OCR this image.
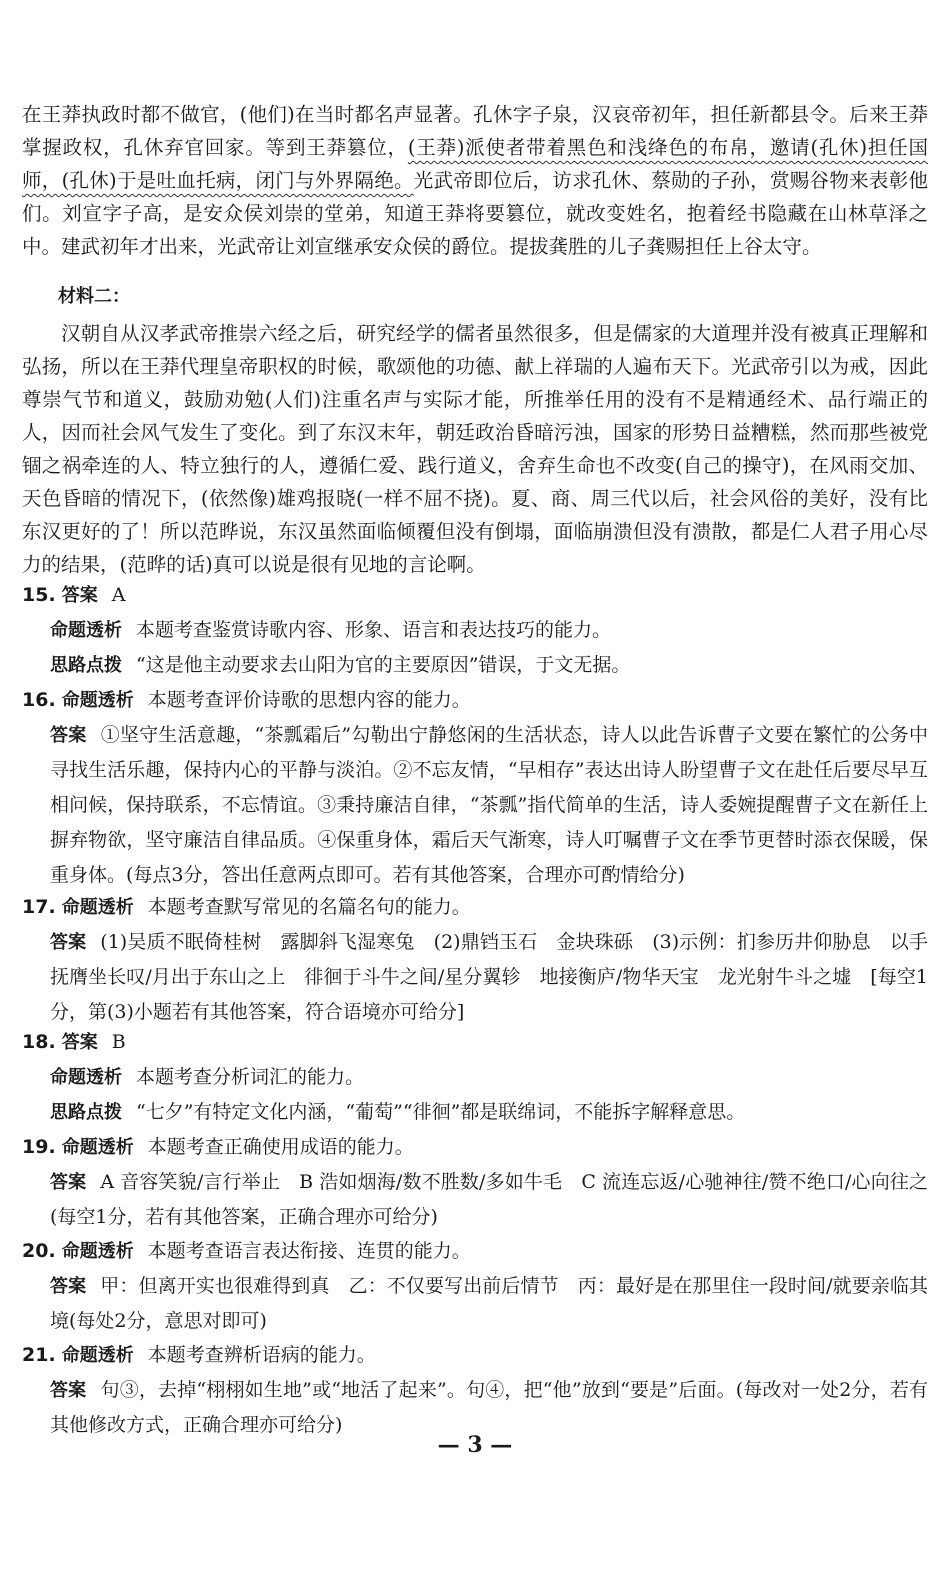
在王莽执政时都不做官，(他们)在当时都名声显著。孔休字子泉，汉哀帝初年，担任新都县令。后来王莽掌握政权，孔休弃官回家。等到王莽篡位，(王莽)派使者带着黑色和浅绛色的布帛，邀请(孔休)担任国师，(孔休)于是吐血托病，闭门与外界隔绝。光武帝即位后，访求孔休、蔡勋的子孙，赏赐谷物来表彰他们。刘宣字子高，是安众侯刘崇的堂弟，知道王莽将要篡位，就改变姓名，抱着经书隐藏在山林草泽之中。建武初年才出来，光武帝让刘宣继承安众侯的爵位。提拔龚胜的儿子龚赐担任上谷太守。

材料二：

汉朝自从汉孝武帝推崇六经之后，研究经学的儒者虽然很多，但是儒家的大道理并没有被真正理解和弘扬，所以在王莽代理皇帝职权的时候，歌颂他的功德、献上祥瑞的人遍布天下。光武帝引以为戒，因此尊崇气节和道义，鼓励劝勉(人们)注重名声与实际才能，所推举任用的没有不是精通经术、品行端正的人，因而社会风气发生了变化。到了东汉末年，朝廷政治昏暗污浊，国家的形势日益糟糕，然而那些被党锢之祸牵连的人、特立独行的人，遵循仁爱、践行道义，舍弃生命也不改变(自己的操守)，在风雨交加、天色昏暗的情况下，(依然像)雄鸡报晓(一样不屈不挠)。夏、商、周三代以后，社会风俗的美好，没有比东汉更好的了！所以范晔说，东汉虽然面临倾覆但没有倒塌，面临崩溃但没有溃散，都是仁人君子用心尽力的结果，(范晔的话)真可以说是很有见地的言论啊。

15. 答案 A

命题透析 本题考查鉴赏诗歌内容、形象、语言和表达技巧的能力。

思路点拨 “这是他主动要求去山阳为官的主要原因”错误，于文无据。

16. 命题透析 本题考查评价诗歌的思想内容的能力。

答案 ①坚守生活意趣，“茶瓢霜后”勾勒出宁静悠闲的生活状态，诗人以此告诉曹子文要在繁忙的公务中寻找生活乐趣，保持内心的平静与淡泊。②不忘友情，“早相存”表达出诗人盼望曹子文在赴任后要尽早互相问候，保持联系，不忘情谊。③秉持廉洁自律，“茶瓢”指代简单的生活，诗人委婉提醒曹子文在新任上摒弃物欲，坚守廉洁自律品质。④保重身体，霜后天气渐寒，诗人叮嘱曹子文在季节更替时添衣保暖，保重身体。(每点3分，答出任意两点即可。若有其他答案，合理亦可酌情给分)

17. 命题透析 本题考查默写常见的名篇名句的能力。

答案 (1)吴质不眠倚桂树　露脚斜飞湿寒兔　(2)鼎铛玉石　金块珠砾　(3)示例：扪参历井仰胁息　以手抚膺坐长叹/月出于东山之上　徘徊于斗牛之间/星分翼轸　地接衡庐/物华天宝　龙光射牛斗之墟　[每空1分，第(3)小题若有其他答案，符合语境亦可给分]

18. 答案 B

命题透析 本题考查分析词汇的能力。

思路点拨 “七夕”有特定文化内涵，“葡萄”“徘徊”都是联绵词，不能拆字解释意思。

19. 命题透析 本题考查正确使用成语的能力。

答案 A 音容笑貌/言行举止　B 浩如烟海/数不胜数/多如牛毛　C 流连忘返/心驰神往/赞不绝口/心向往之　(每空1分，若有其他答案，正确合理亦可给分)

20. 命题透析 本题考查语言表达衔接、连贯的能力。

答案 甲：但离开实也很难得到真　乙：不仅要写出前后情节　丙：最好是在那里住一段时间/就要亲临其境(每处2分，意思对即可)

21. 命题透析 本题考查辨析语病的能力。

答案 句③，去掉“栩栩如生地”或“地活了起来”。句④，把“他”放到“要是”后面。(每改对一处2分，若有其他修改方式，正确合理亦可给分)

— 3 —
